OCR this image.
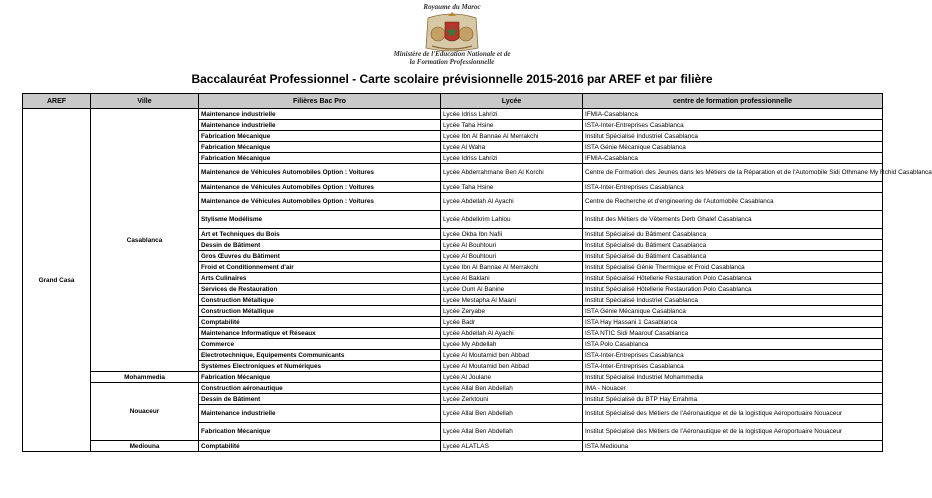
Royaume du Maroc
Ministère de l'Education Nationale et de
la Formation Professionnelle
Baccalauréat Professionnel - Carte scolaire prévisionnelle 2015-2016 par AREF et par filière
AREF	Ville	Filières Bac Pro	Lycée	centre de formation professionnelle
Grand Casa	Casablanca	Maintenance industrielle	Lycée Idriss Lahrizi	IFMIA-Casablanca
		Maintenance industrielle	Lycée Taha Hsine	ISTA-Inter-Entreprises Casablanca
		Fabrication Mécanique	Lycée Ibn Al Bannae Al Merrakchi	Institut Spécialisé Industriel Casablanca
		Fabrication Mécanique	Lycée Al Waha	ISTA Génie Mécanique Casablanca
		Fabrication Mécanique	Lycée Idriss Lahrizi	IFMIA-Casablanca
		Maintenance de Véhicules Automobiles Option : Voitures	Lycée Abderrahmane Ben Al Korchi	Centre de Formation des Jeunes dans les Métiers de la Réparation et de l'Automobile Sidi Othmane My Rchid Casablanca
		Maintenance de Véhicules Automobiles Option : Voitures	Lycée Taha Hsine	ISTA-Inter-Entreprises Casablanca
		Maintenance de Véhicules Automobiles Option : Voitures	Lycée Abdellah Al Ayachi	Centre de Recherche et d'engineering de l'Automobile Casablanca
		Stylisme Modélisme	Lycée Abdelkrim Lahlou	Institut des Métiers de Vêtements Derb Ghalef Casablanca
		Art et Techniques du Bois	Lycée Okba Ibn Nafii	Institut Spécialisé du Bâtiment Casablanca
		Dessin de Bâtiment	Lycée Al Bouhtouri	Institut Spécialisé du Bâtiment Casablanca
		Gros Œuvres du Bâtiment	Lycée Al Bouhtouri	Institut Spécialisé du Bâtiment Casablanca
		Froid et Conditionnement d'air	Lycée Ibn Al Bannae Al Merrakchi	Institut Spécialisé Génie Thermique et Froid Casablanca
		Arts Culinaires	Lycée Al Baklani	Institut Spécialisé Hôtellerie Restauration Polo Casablanca
		Services de Restauration	Lycée Oum Al Banine	Institut Spécialisé Hôtellerie Restauration Polo Casablanca
		Construction Métallique	Lycée Mestapha Al Maani	Institut Spécialisé Industriel Casablanca
		Construction Métallique	Lycée Zeryabe	ISTA Génie Mécanique Casablanca
		Comptabilité	Lycée Badr	ISTA Hay Hassani 1 Casablanca
		Maintenance Informatique et Réseaux	Lycée Abdellah Al Ayachi	ISTA NTIC Sidi Maarouf Casablanca
		Commerce	Lycée My Abdellah	ISTA Polo Casablanca
		Electrotechnique, Equipements Communicants	Lycée Al Moutamid ben Abbad	ISTA-Inter-Entreprises Casablanca
		Systèmes Electroniques et Numériques	Lycée Al Moutamid ben Abbad	ISTA-Inter-Entreprises Casablanca
	Mohammedia	Fabrication Mécanique	Lycée Al Joulane	Institut Spécialisé Industriel Mohammedia
	Nouaceur	Construction aéronautique	Lycée Allal Ben Abdellah	IMA - Nouacer
		Dessin de Bâtiment	Lycée Zerktouni	Institut Spécialisé du BTP Hay Errahma
		Maintenance industrielle	Lycée Allal Ben Abdellah	Institut Spécialisé des Métiers de l'Aéronautique et de la logistique Aéroportuaire Nouaceur
		Fabrication Mécanique	Lycée Allal Ben Abdellah	Institut Spécialisé des Métiers de l'Aéronautique et de la logistique Aéroportuaire Nouaceur
	Mediouna	Comptabilité	Lycée ALATLAS	ISTA Mediouna
